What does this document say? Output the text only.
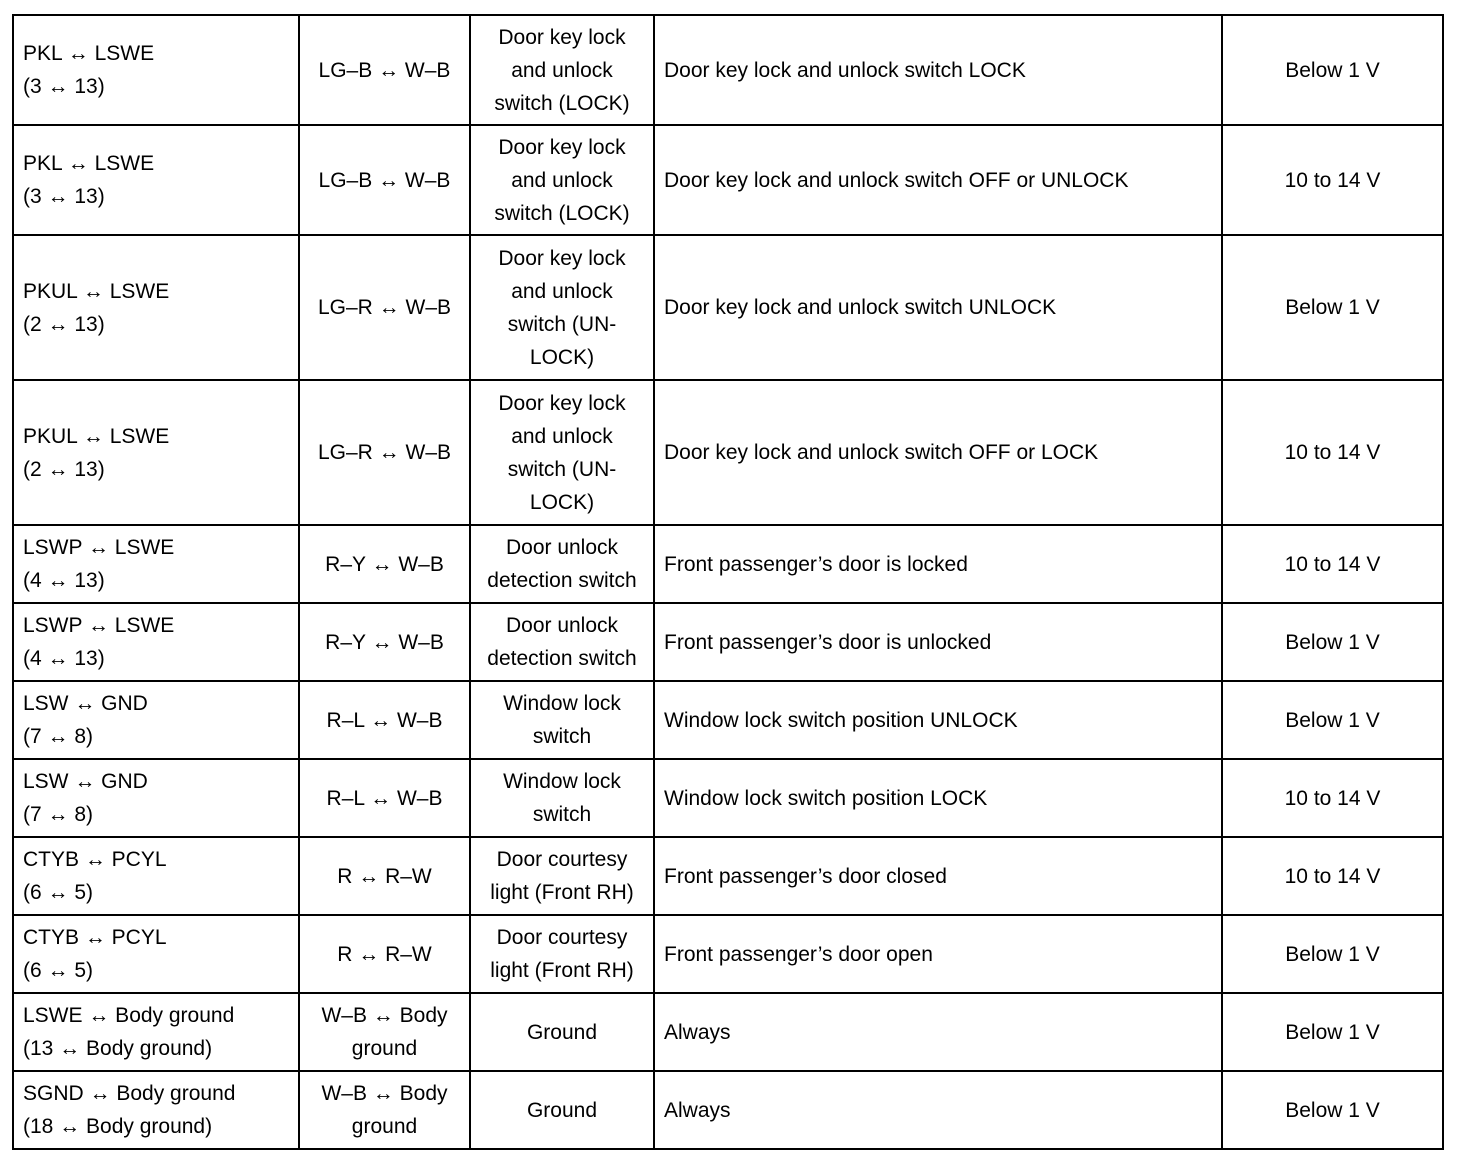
PKL ↔ LSWE
(3 ↔ 13)	LG–B ↔ W–B	Door key lock
and unlock
switch (LOCK)	Door key lock and unlock switch LOCK	Below 1 V

PKL ↔ LSWE
(3 ↔ 13)	LG–B ↔ W–B	Door key lock
and unlock
switch (LOCK)	Door key lock and unlock switch OFF or UNLOCK	10 to 14 V

PKUL ↔ LSWE
(2 ↔ 13)	LG–R ↔ W–B	Door key lock
and unlock
switch (UN-
LOCK)	Door key lock and unlock switch UNLOCK	Below 1 V

PKUL ↔ LSWE
(2 ↔ 13)	LG–R ↔ W–B	Door key lock
and unlock
switch (UN-
LOCK)	Door key lock and unlock switch OFF or LOCK	10 to 14 V

LSWP ↔ LSWE
(4 ↔ 13)	R–Y ↔ W–B	Door unlock
detection switch	Front passenger’s door is locked	10 to 14 V

LSWP ↔ LSWE
(4 ↔ 13)	R–Y ↔ W–B	Door unlock
detection switch	Front passenger’s door is unlocked	Below 1 V

LSW ↔ GND
(7 ↔ 8)	R–L ↔ W–B	Window lock
switch	Window lock switch position UNLOCK	Below 1 V

LSW ↔ GND
(7 ↔ 8)	R–L ↔ W–B	Window lock
switch	Window lock switch position LOCK	10 to 14 V

CTYB ↔ PCYL
(6 ↔ 5)	R ↔ R–W	Door courtesy
light (Front RH)	Front passenger’s door closed	10 to 14 V

CTYB ↔ PCYL
(6 ↔ 5)	R ↔ R–W	Door courtesy
light (Front RH)	Front passenger’s door open	Below 1 V

LSWE ↔ Body ground
(13 ↔ Body ground)	W–B ↔ Body
ground	Ground	Always	Below 1 V

SGND ↔ Body ground
(18 ↔ Body ground)	W–B ↔ Body
ground	Ground	Always	Below 1 V
